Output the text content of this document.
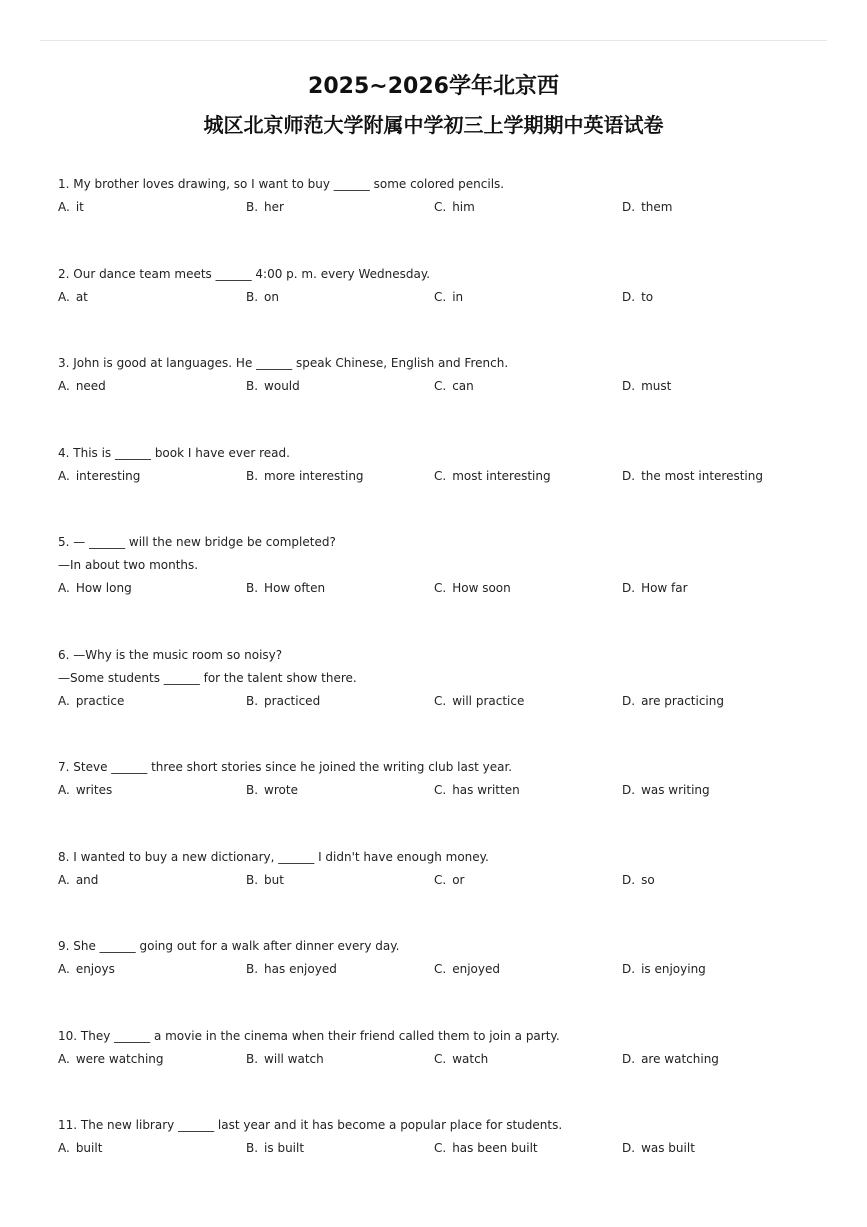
2025~2026学年北京西
城区北京师范大学附属中学初三上学期期中英语试卷
1. My brother loves drawing, so I want to buy ______ some colored pencils.
A. it	B. her	C. him	D. them
2. Our dance team meets ______ 4:00 p. m. every Wednesday.
A. at	B. on	C. in	D. to
3. John is good at languages. He ______ speak Chinese, English and French.
A. need	B. would	C. can	D. must
4. This is ______ book I have ever read.
A. interesting	B. more interesting	C. most interesting	D. the most interesting
5. — ______ will the new bridge be completed?
—In about two months.
A. How long	B. How often	C. How soon	D. How far
6. —Why is the music room so noisy?
—Some students ______ for the talent show there.
A. practice	B. practiced	C. will practice	D. are practicing
7. Steve ______ three short stories since he joined the writing club last year.
A. writes	B. wrote	C. has written	D. was writing
8. I wanted to buy a new dictionary, ______ I didn't have enough money.
A. and	B. but	C. or	D. so
9. She ______ going out for a walk after dinner every day.
A. enjoys	B. has enjoyed	C. enjoyed	D. is enjoying
10. They ______ a movie in the cinema when their friend called them to join a party.
A. were watching	B. will watch	C. watch	D. are watching
11. The new library ______ last year and it has become a popular place for students.
A. built	B. is built	C. has been built	D. was built
